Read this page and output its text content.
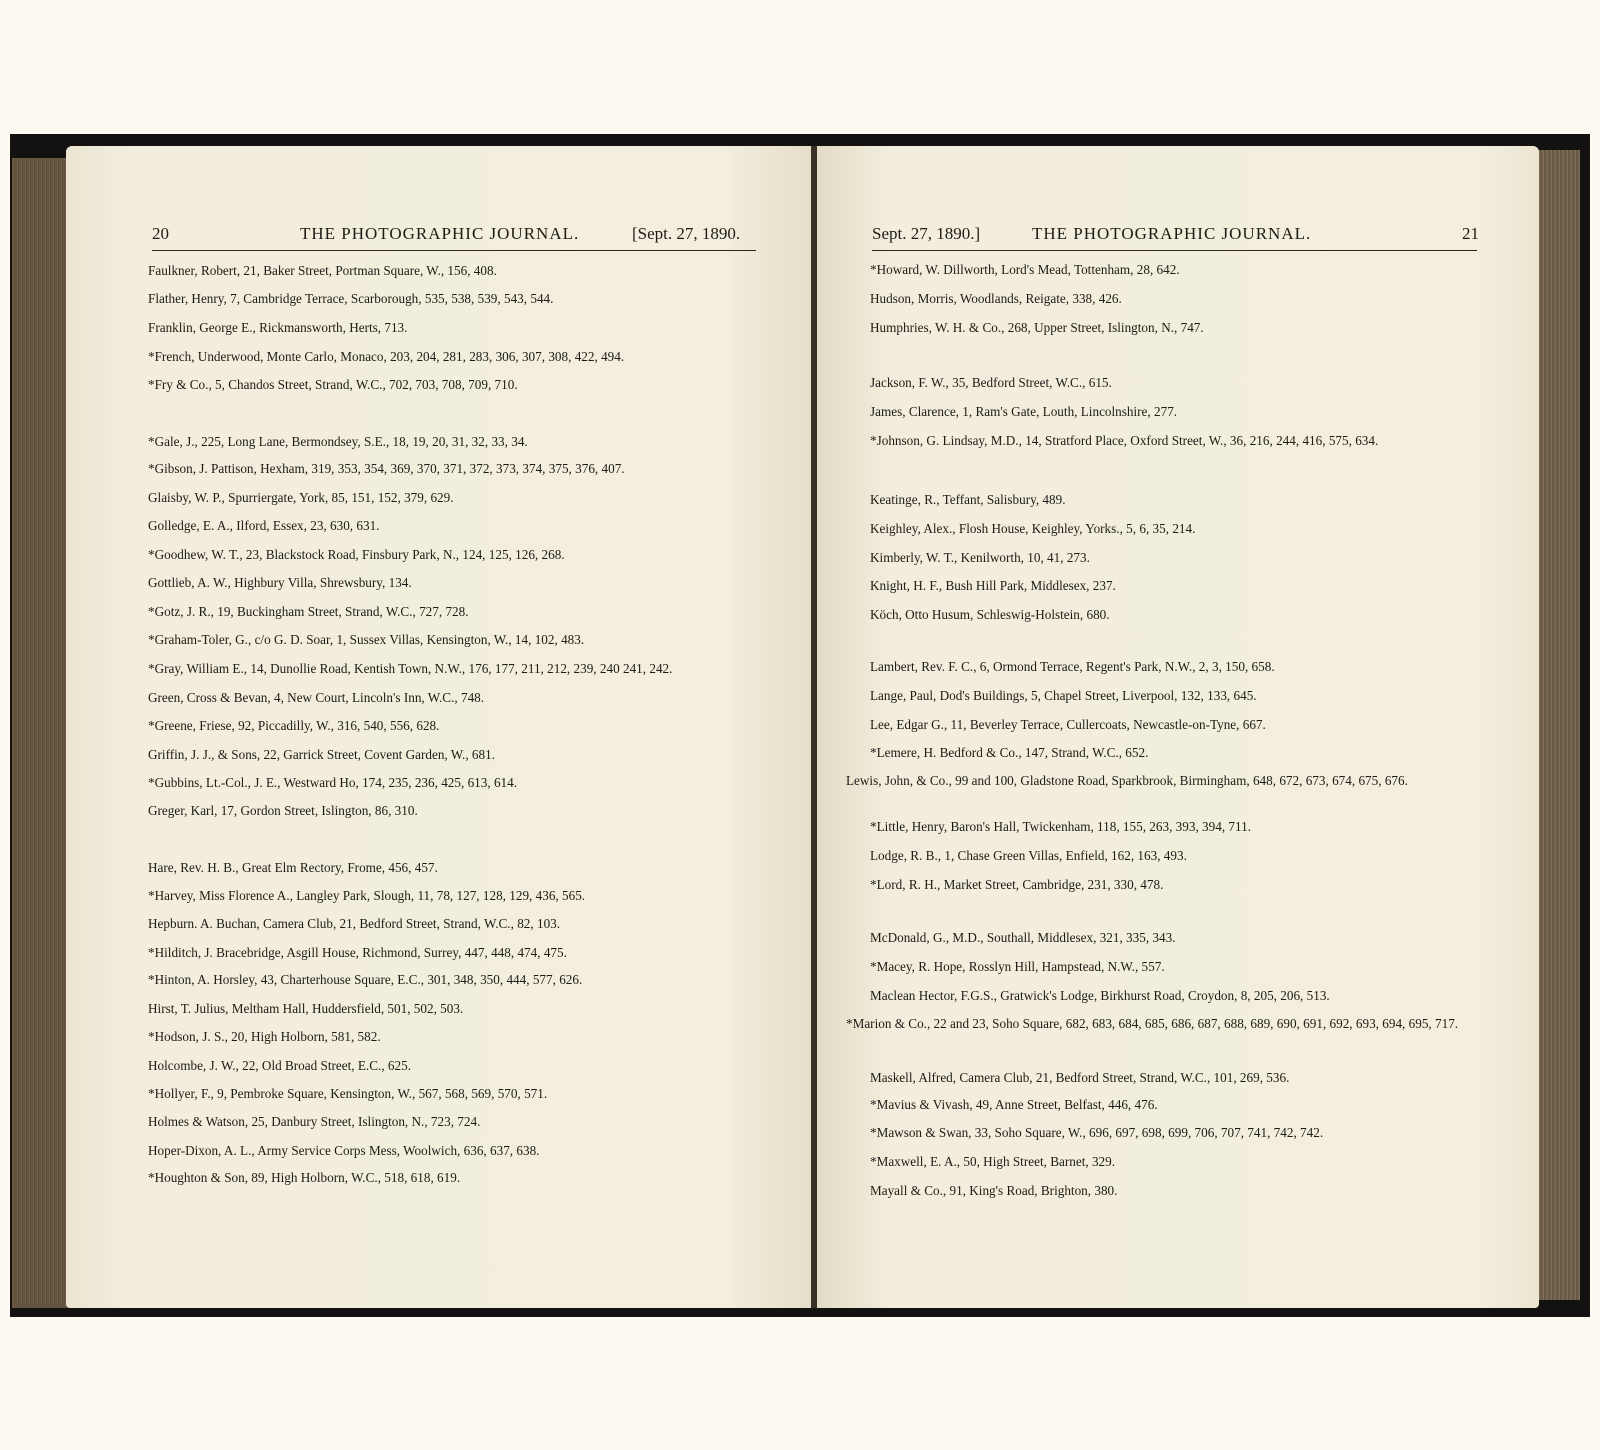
20	THE PHOTOGRAPHIC JOURNAL.	[Sept. 27, 1890.	Sept. 27, 1890.]	THE PHOTOGRAPHIC JOURNAL.	21
Faulkner, Robert, 21, Baker Street, Portman Square, W., 156, 408.
Flather, Henry, 7, Cambridge Terrace, Scarborough, 535, 538, 539, 543, 544.
Franklin, George E., Rickmansworth, Herts, 713.
*French, Underwood, Monte Carlo, Monaco, 203, 204, 281, 283, 306, 307, 308, 422, 494.
*Fry & Co., 5, Chandos Street, Strand, W.C., 702, 703, 708, 709, 710.
*Gale, J., 225, Long Lane, Bermondsey, S.E., 18, 19, 20, 31, 32, 33, 34.
*Gibson, J. Pattison, Hexham, 319, 353, 354, 369, 370, 371, 372, 373, 374, 375, 376, 407.
Glaisby, W. P., Spurriergate, York, 85, 151, 152, 379, 629.
Golledge, E. A., Ilford, Essex, 23, 630, 631.
*Goodhew, W. T., 23, Blackstock Road, Finsbury Park, N., 124, 125, 126, 268.
Gottlieb, A. W., Highbury Villa, Shrewsbury, 134.
*Gotz, J. R., 19, Buckingham Street, Strand, W.C., 727, 728.
*Graham-Toler, G., c/o G. D. Soar, 1, Sussex Villas, Kensington, W., 14, 102, 483.
*Gray, William E., 14, Dunollie Road, Kentish Town, N.W., 176, 177, 211, 212, 239, 240 241, 242.
Green, Cross & Bevan, 4, New Court, Lincoln's Inn, W.C., 748.
*Greene, Friese, 92, Piccadilly, W., 316, 540, 556, 628.
Griffin, J. J., & Sons, 22, Garrick Street, Covent Garden, W., 681.
*Gubbins, Lt.-Col., J. E., Westward Ho, 174, 235, 236, 425, 613, 614.
Greger, Karl, 17, Gordon Street, Islington, 86, 310.
Hare, Rev. H. B., Great Elm Rectory, Frome, 456, 457.
*Harvey, Miss Florence A., Langley Park, Slough, 11, 78, 127, 128, 129, 436, 565.
Hepburn. A. Buchan, Camera Club, 21, Bedford Street, Strand, W.C., 82, 103.
*Hilditch, J. Bracebridge, Asgill House, Richmond, Surrey, 447, 448, 474, 475.
*Hinton, A. Horsley, 43, Charterhouse Square, E.C., 301, 348, 350, 444, 577, 626.
Hirst, T. Julius, Meltham Hall, Huddersfield, 501, 502, 503.
*Hodson, J. S., 20, High Holborn, 581, 582.
Holcombe, J. W., 22, Old Broad Street, E.C., 625.
*Hollyer, F., 9, Pembroke Square, Kensington, W., 567, 568, 569, 570, 571.
Holmes & Watson, 25, Danbury Street, Islington, N., 723, 724.
Hoper-Dixon, A. L., Army Service Corps Mess, Woolwich, 636, 637, 638.
*Houghton & Son, 89, High Holborn, W.C., 518, 618, 619.
*Howard, W. Dillworth, Lord's Mead, Tottenham, 28, 642.
Hudson, Morris, Woodlands, Reigate, 338, 426.
Humphries, W. H. & Co., 268, Upper Street, Islington, N., 747.
Jackson, F. W., 35, Bedford Street, W.C., 615.
James, Clarence, 1, Ram's Gate, Louth, Lincolnshire, 277.
*Johnson, G. Lindsay, M.D., 14, Stratford Place, Oxford Street, W., 36, 216, 244, 416, 575, 634.
Keatinge, R., Teffant, Salisbury, 489.
Keighley, Alex., Flosh House, Keighley, Yorks., 5, 6, 35, 214.
Kimberly, W. T., Kenilworth, 10, 41, 273.
Knight, H. F., Bush Hill Park, Middlesex, 237.
Köch, Otto Husum, Schleswig-Holstein, 680.
Lambert, Rev. F. C., 6, Ormond Terrace, Regent's Park, N.W., 2, 3, 150, 658.
Lange, Paul, Dod's Buildings, 5, Chapel Street, Liverpool, 132, 133, 645.
Lee, Edgar G., 11, Beverley Terrace, Cullercoats, Newcastle-on-Tyne, 667.
*Lemere, H. Bedford & Co., 147, Strand, W.C., 652.
Lewis, John, & Co., 99 and 100, Gladstone Road, Sparkbrook, Birmingham, 648, 672, 673, 674, 675, 676.
*Little, Henry, Baron's Hall, Twickenham, 118, 155, 263, 393, 394, 711.
Lodge, R. B., 1, Chase Green Villas, Enfield, 162, 163, 493.
*Lord, R. H., Market Street, Cambridge, 231, 330, 478.
McDonald, G., M.D., Southall, Middlesex, 321, 335, 343.
*Macey, R. Hope, Rosslyn Hill, Hampstead, N.W., 557.
Maclean Hector, F.G.S., Gratwick's Lodge, Birkhurst Road, Croydon, 8, 205, 206, 513.
*Marion & Co., 22 and 23, Soho Square, 682, 683, 684, 685, 686, 687, 688, 689, 690, 691, 692, 693, 694, 695, 717.
Maskell, Alfred, Camera Club, 21, Bedford Street, Strand, W.C., 101, 269, 536.
*Mavius & Vivash, 49, Anne Street, Belfast, 446, 476.
*Mawson & Swan, 33, Soho Square, W., 696, 697, 698, 699, 706, 707, 741, 742, 742.
*Maxwell, E. A., 50, High Street, Barnet, 329.
Mayall & Co., 91, King's Road, Brighton, 380.
